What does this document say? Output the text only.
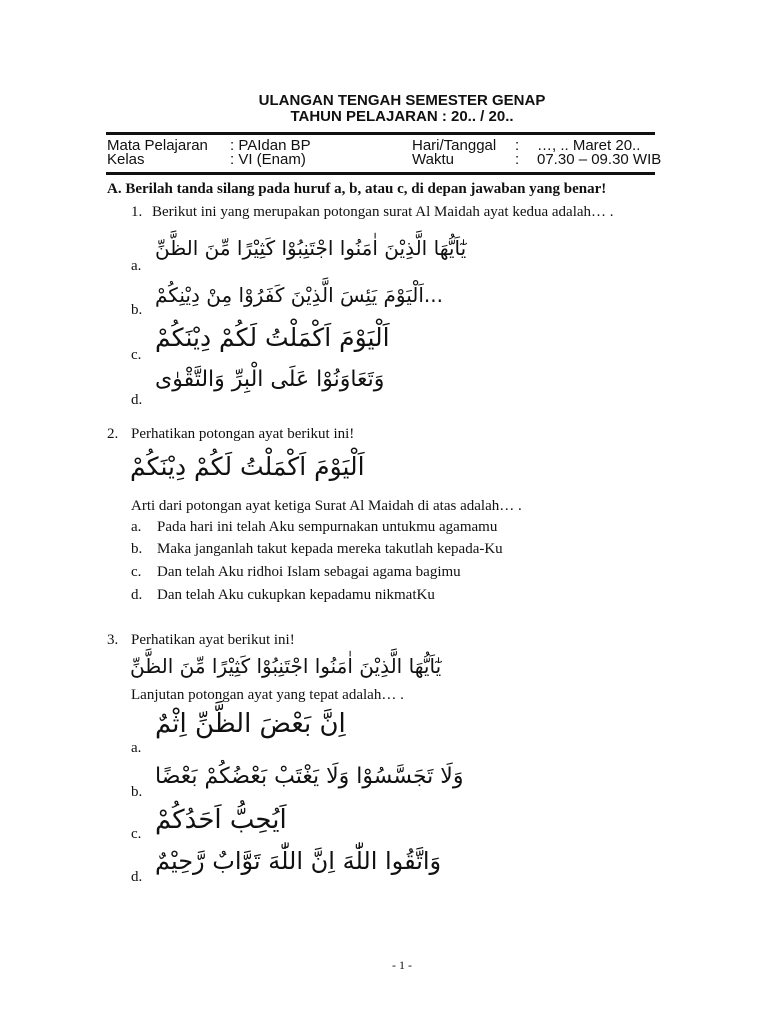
ULANGAN TENGAH SEMESTER GENAP
TAHUN PELAJARAN : 20.. / 20..
Mata Pelajaran : PAIdan BP	Hari/Tanggal : …, .. Maret 20..
Kelas	: VI (Enam)	Waktu	: 07.30 – 09.30 WIB
A. Berilah tanda silang pada huruf a, b, atau c, di depan jawaban yang benar!
1. Berikut ini yang merupakan potongan surat Al Maidah ayat kedua adalah… .
يٰٓاَيُّهَا الَّذِيْنَ اٰمَنُوا اجْتَنِبُوْا كَثِيْرًا مِّنَ الظَّنِّ
a.
اَلْيَوْمَ يَئِسَ الَّذِيْنَ كَفَرُوْا مِنْ دِيْنِكُمْ...
b.
اَلْيَوْمَ اَكْمَلْتُ لَكُمْ دِيْنَكُمْ
c.
وَتَعَاوَنُوْا عَلَى الْبِرِّ وَالتَّقْوٰى
d.
2. Perhatikan potongan ayat berikut ini!
اَلْيَوْمَ اَكْمَلْتُ لَكُمْ دِيْنَكُمْ
Arti dari potongan ayat ketiga Surat Al Maidah di atas adalah… .
a. Pada hari ini telah Aku sempurnakan untukmu agamamu
b. Maka janganlah takut kepada mereka takutlah kepada-Ku
c. Dan telah Aku ridhoi Islam sebagai agama bagimu
d. Dan telah Aku cukupkan kepadamu nikmatKu
3. Perhatikan ayat berikut ini!
يٰٓاَيُّهَا الَّذِيْنَ اٰمَنُوا اجْتَنِبُوْا كَثِيْرًا مِّنَ الظَّنِّ
Lanjutan potongan ayat yang tepat adalah… .
اِنَّ بَعْضَ الظَّنِّ اِثْمٌ
a.
وَلَا تَجَسَّسُوْا وَلَا يَغْتَبْ بَعْضُكُمْ بَعْضًا
b.
اَيُحِبُّ اَحَدُكُمْ
c.
وَاتَّقُوا اللّٰهَ اِنَّ اللّٰهَ تَوَّابٌ رَّحِيْمٌ
d.
- 1 -
